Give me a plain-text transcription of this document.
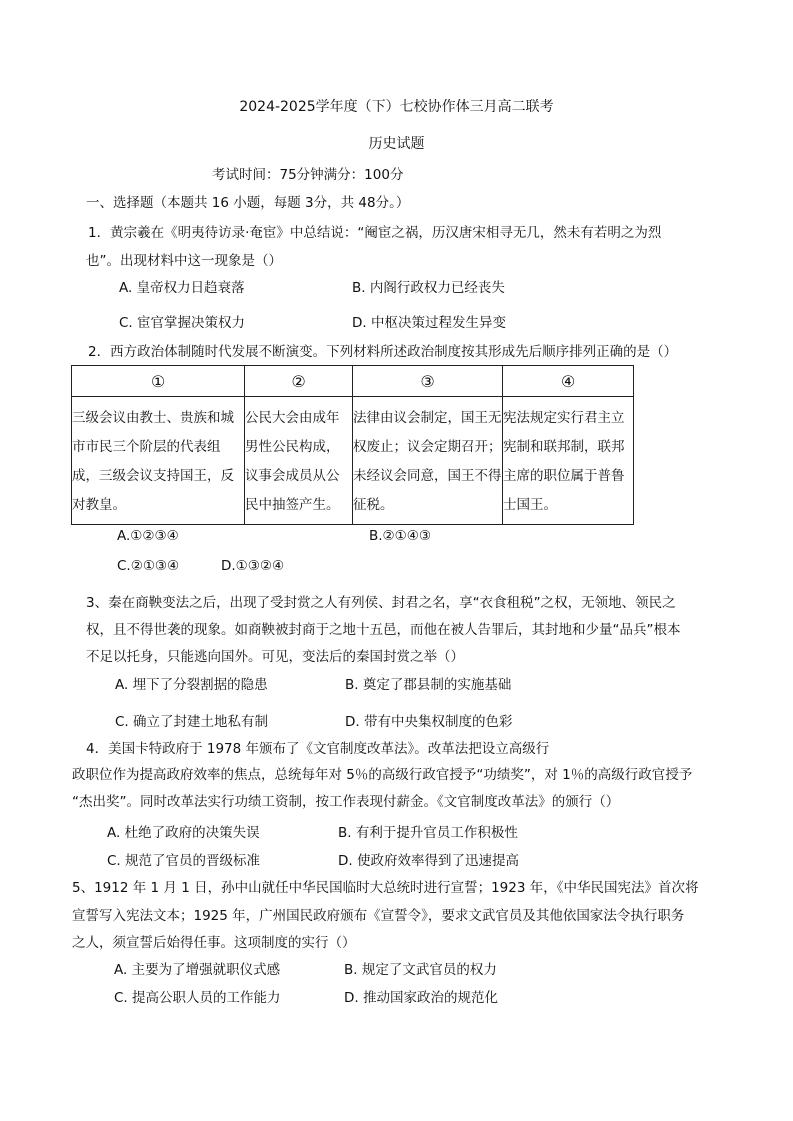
2024-2025学年度（下）七校协作体三月高二联考
历史试题
考试时间：75分钟满分：100分
一、选择题（本题共 16 小题，每题 3分，共 48分。）
1．黄宗羲在《明夷待访录·奄宦》中总结说：“阉宦之祸，历汉唐宋相寻无几，然未有若明之为烈
也”。出现材料中这一现象是（）
A. 皇帝权力日趋衰落	B. 内阁行政权力已经丧失
C. 宦官掌握决策权力	D. 中枢决策过程发生异变
2．西方政治体制随时代发展不断演变。下列材料所述政治制度按其形成先后顺序排列正确的是（）
①	②	③	④

三级会议由教士、贵族和城市市民三个阶层的代表组成，三级会议支持国王，反对教皇。	公民大会由成年男性公民构成，议事会成员从公民中抽签产生。	法律由议会制定，国王无权废止；议会定期召开；未经议会同意，国王不得征税。	宪法规定实行君主立宪制和联邦制，联邦主席的职位属于普鲁士国王。
A.①②③④	B.②①④③
C.②①③④	D.①③②④
3、秦在商鞅变法之后，出现了受封赏之人有列侯、封君之名，享“衣食租税”之权，无领地、领民之
权，且不得世袭的现象。如商鞅被封商于之地十五邑，而他在被人告罪后，其封地和少量“品兵”根本
不足以托身，只能逃向国外。可见，变法后的秦国封赏之举（）
A. 埋下了分裂割据的隐患	B. 奠定了郡县制的实施基础
C. 确立了封建土地私有制	D. 带有中央集权制度的色彩
4．美国卡特政府于 1978 年颁布了《文官制度改革法》。改革法把设立高级行
政职位作为提高政府效率的焦点，总统每年对 5％的高级行政官授予“功绩奖”，对 1％的高级行政官授予
“杰出奖”。同时改革法实行功绩工资制，按工作表现付薪金。《文官制度改革法》的颁行（）
A. 杜绝了政府的决策失误	B. 有利于提升官员工作积极性
C. 规范了官员的晋级标准	D. 使政府效率得到了迅速提高
5、1912 年 1 月 1 日，孙中山就任中华民国临时大总统时进行宣誓；1923 年，《中华民国宪法》首次将
宣誓写入宪法文本；1925 年，广州国民政府颁布《宣誓令》，要求文武官员及其他依国家法令执行职务
之人，须宣誓后始得任事。这项制度的实行（）
A. 主要为了增强就职仪式感	B. 规定了文武官员的权力
C. 提高公职人员的工作能力	D. 推动国家政治的规范化
